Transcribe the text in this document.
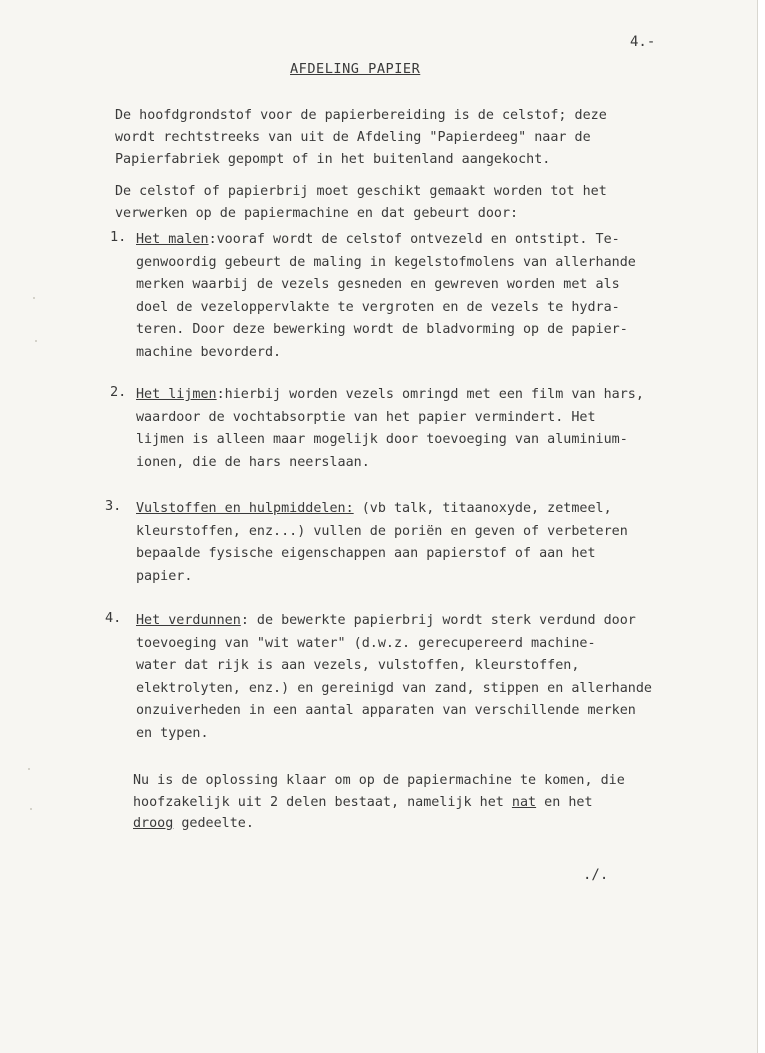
4.-
AFDELING PAPIER
De hoofdgrondstof voor de papierbereiding is de celstof; deze
wordt rechtstreeks van uit de Afdeling "Papierdeeg" naar de
Papierfabriek gepompt of in het buitenland aangekocht.
De celstof of papierbrij moet geschikt gemaakt worden tot het
verwerken op de papiermachine en dat gebeurt door:
1. Het malen:vooraf wordt de celstof ontvezeld en ontstipt. Te-
genwoordig gebeurt de maling in kegelstofmolens van allerhande
merken waarbij de vezels gesneden en gewreven worden met als
doel de vezeloppervlakte te vergroten en de vezels te hydra-
teren. Door deze bewerking wordt de bladvorming op de papier-
machine bevorderd.
2. Het lijmen:hierbij worden vezels omringd met een film van hars,
waardoor de vochtabsorptie van het papier vermindert. Het
lijmen is alleen maar mogelijk door toevoeging van aluminium-
ionen, die de hars neerslaan.
3. Vulstoffen en hulpmiddelen: (vb talk, titaanoxyde, zetmeel,
kleurstoffen, enz...) vullen de poriën en geven of verbeteren
bepaalde fysische eigenschappen aan papierstof of aan het
papier.
4. Het verdunnen: de bewerkte papierbrij wordt sterk verdund door
toevoeging van "wit water" (d.w.z. gerecupereerd machine-
water dat rijk is aan vezels, vulstoffen, kleurstoffen,
elektrolyten, enz.) en gereinigd van zand, stippen en allerhande
onzuiverheden in een aantal apparaten van verschillende merken
en typen.
Nu is de oplossing klaar om op de papiermachine te komen, die
hoofzakelijk uit 2 delen bestaat, namelijk het nat en het
droog gedeelte.
./.
